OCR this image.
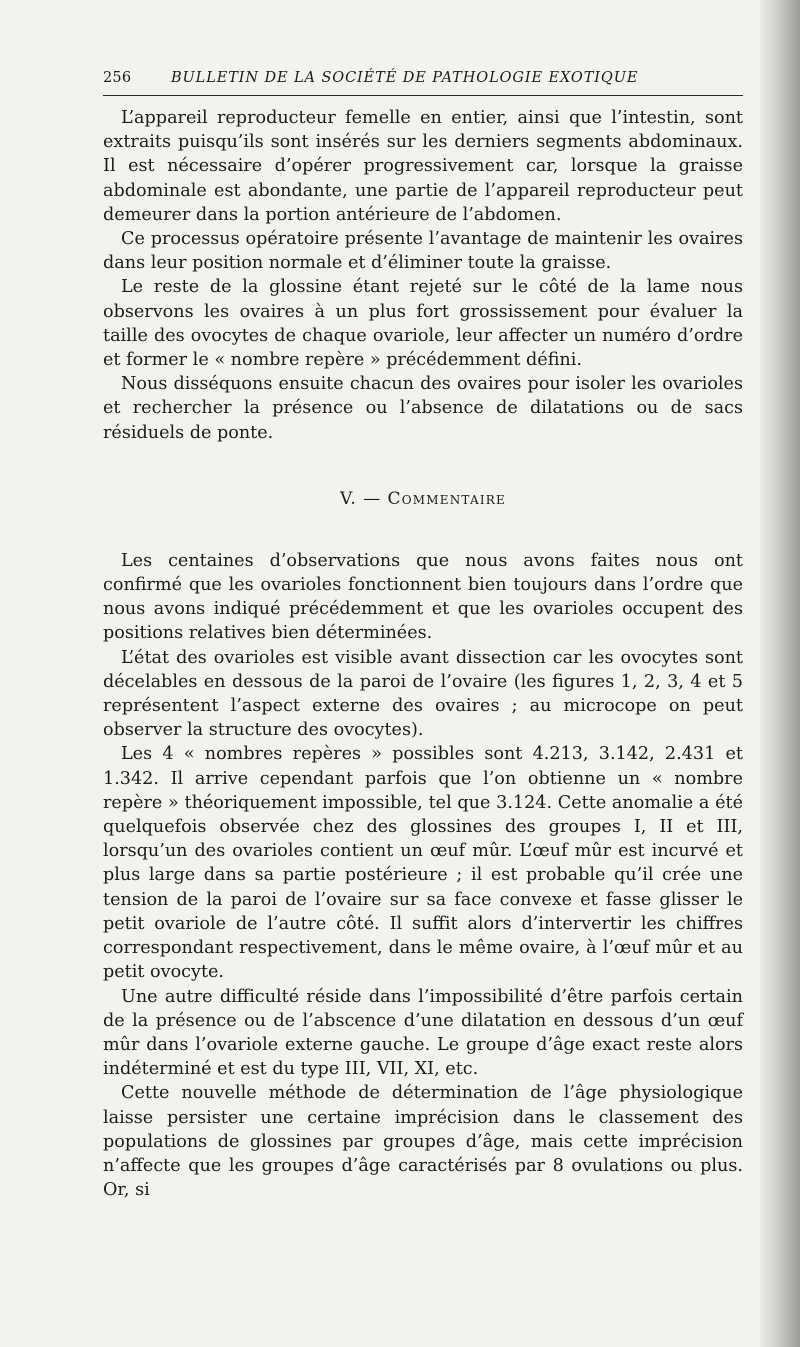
256	BULLETIN DE LA SOCIÉTÉ DE PATHOLOGIE EXOTIQUE

L’appareil reproducteur femelle en entier, ainsi que l’intestin, sont extraits puisqu’ils sont insérés sur les derniers segments abdominaux. Il est nécessaire d’opérer progressivement car, lorsque la graisse abdominale est abondante, une partie de l’appareil reproducteur peut demeurer dans la portion antérieure de l’abdomen.

Ce processus opératoire présente l’avantage de maintenir les ovaires dans leur position normale et d’éliminer toute la graisse.

Le reste de la glossine étant rejeté sur le côté de la lame nous observons les ovaires à un plus fort grossissement pour évaluer la taille des ovocytes de chaque ovariole, leur affecter un numéro d’ordre et former le « nombre repère » précédemment défini.

Nous disséquons ensuite chacun des ovaires pour isoler les ovarioles et rechercher la présence ou l’absence de dilatations ou de sacs résiduels de ponte.

V. — Commentaire

Les centaines d’observations que nous avons faites nous ont confirmé que les ovarioles fonctionnent bien toujours dans l’ordre que nous avons indiqué précédemment et que les ovarioles occupent des positions relatives bien déterminées.

L’état des ovarioles est visible avant dissection car les ovocytes sont décelables en dessous de la paroi de l’ovaire (les figures 1, 2, 3, 4 et 5 représentent l’aspect externe des ovaires ; au microcope on peut observer la structure des ovocytes).

Les 4 « nombres repères » possibles sont 4.213, 3.142, 2.431 et 1.342. Il arrive cependant parfois que l’on obtienne un « nombre repère » théoriquement impossible, tel que 3.124. Cette anomalie a été quelquefois observée chez des glossines des groupes I, II et III, lorsqu’un des ovarioles contient un œuf mûr. L’œuf mûr est incurvé et plus large dans sa partie postérieure ; il est probable qu’il crée une tension de la paroi de l’ovaire sur sa face convexe et fasse glisser le petit ovariole de l’autre côté. Il suffit alors d’intervertir les chiffres correspondant respectivement, dans le même ovaire, à l’œuf mûr et au petit ovocyte.

Une autre difficulté réside dans l’impossibilité d’être parfois certain de la présence ou de l’abscence d’une dilatation en dessous d’un œuf mûr dans l’ovariole externe gauche. Le groupe d’âge exact reste alors indéterminé et est du type III, VII, XI, etc.

Cette nouvelle méthode de détermination de l’âge physiologique laisse persister une certaine imprécision dans le classement des populations de glossines par groupes d’âge, mais cette imprécision n’affecte que les groupes d’âge caractérisés par 8 ovulations ou plus. Or, si
